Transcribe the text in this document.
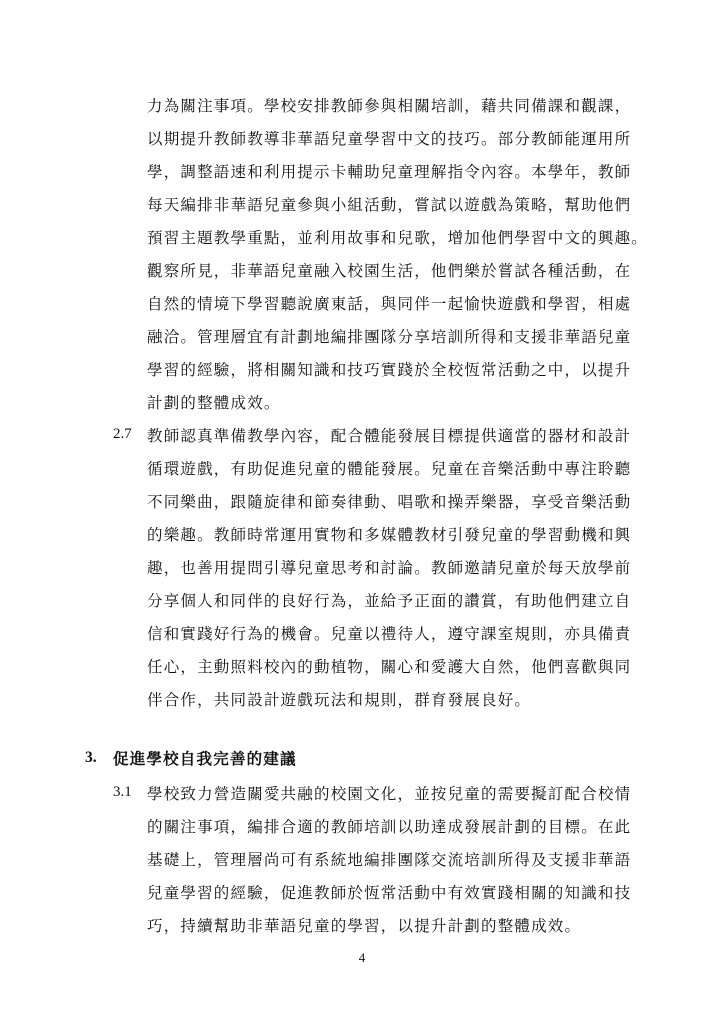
力為關注事項。學校安排教師參與相關培訓，藉共同備課和觀課，
以期提升教師教導非華語兒童學習中文的技巧。部分教師能運用所
學，調整語速和利用提示卡輔助兒童理解指令內容。本學年，教師
每天編排非華語兒童參與小組活動，嘗試以遊戲為策略，幫助他們
預習主題教學重點，並利用故事和兒歌，增加他們學習中文的興趣。
觀察所見，非華語兒童融入校園生活，他們樂於嘗試各種活動，在
自然的情境下學習聽說廣東話，與同伴一起愉快遊戲和學習，相處
融洽。管理層宜有計劃地編排團隊分享培訓所得和支援非華語兒童
學習的經驗，將相關知識和技巧實踐於全校恆常活動之中，以提升
計劃的整體成效。
2.7 教師認真準備教學內容，配合體能發展目標提供適當的器材和設計
循環遊戲，有助促進兒童的體能發展。兒童在音樂活動中專注聆聽
不同樂曲，跟隨旋律和節奏律動、唱歌和操弄樂器，享受音樂活動
的樂趣。教師時常運用實物和多媒體教材引發兒童的學習動機和興
趣，也善用提問引導兒童思考和討論。教師邀請兒童於每天放學前
分享個人和同伴的良好行為，並給予正面的讚賞，有助他們建立自
信和實踐好行為的機會。兒童以禮待人，遵守課室規則，亦具備責
任心，主動照料校內的動植物，關心和愛護大自然，他們喜歡與同
伴合作，共同設計遊戲玩法和規則，群育發展良好。
3. 促進學校自我完善的建議
3.1 學校致力營造關愛共融的校園文化，並按兒童的需要擬訂配合校情
的關注事項，編排合適的教師培訓以助達成發展計劃的目標。在此
基礎上，管理層尚可有系統地編排團隊交流培訓所得及支援非華語
兒童學習的經驗，促進教師於恆常活動中有效實踐相關的知識和技
巧，持續幫助非華語兒童的學習，以提升計劃的整體成效。
4
